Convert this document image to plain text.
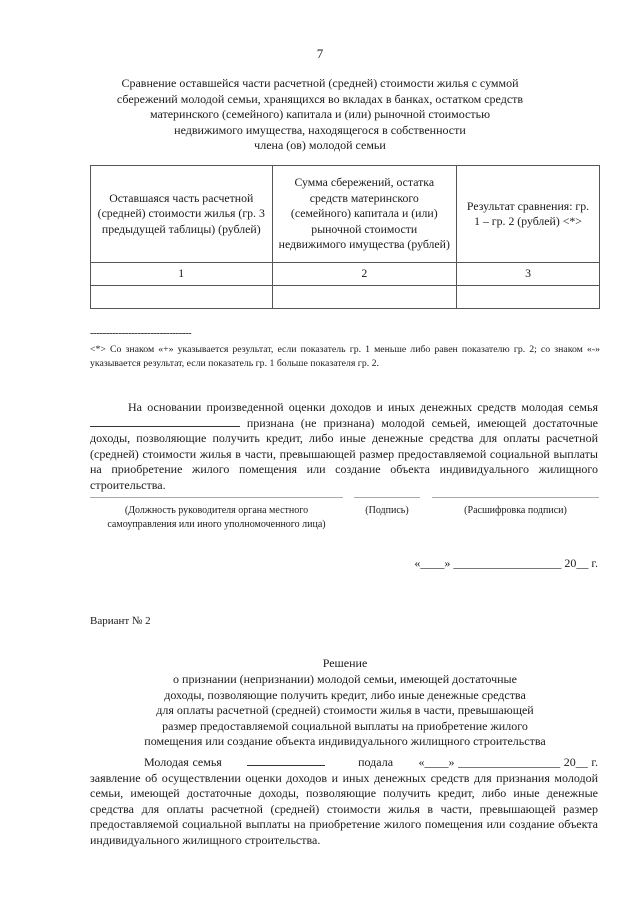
7
Сравнение оставшейся части расчетной (средней) стоимости жилья с суммой
сбережений молодой семьи, хранящихся во вкладах в банках, остатком средств
материнского (семейного) капитала и (или) рыночной стоимостью
недвижимого имущества, находящегося в собственности
члена (ов) молодой семьи
Оставшаяся часть расчетной (средней) стоимости жилья (гр. 3 предыдущей таблицы) (рублей)	Сумма сбережений, остатка средств материнского (семейного) капитала и (или) рыночной стоимости недвижимого имущества (рублей)	Результат сравнения: гр. 1 – гр. 2 (рублей) <*>
1	2	3

--------------------------------
<*> Со знаком «+» указывается результат, если показатель гр. 1 меньше либо равен показателю гр. 2; со знаком «-» указывается результат, если показатель гр. 1 больше показателя гр. 2.

На основании произведенной оценки доходов и иных денежных средств молодая семья  признана (не признана) молодой семьей, имеющей достаточные доходы, позволяющие получить кредит, либо иные денежные средства для оплаты расчетной (средней) стоимости жилья в части, превышающей размер предоставляемой социальной выплаты на приобретение жилого помещения или создание объекта индивидуального жилищного строительства.

(Должность руководителя органа местного самоуправления или иного уполномоченного лица)
(Подпись)	(Расшифровка подписи)
«____» __________________ 20__ г.
Вариант № 2
Решение
о признании (непризнании) молодой семьи, имеющей достаточные
доходы, позволяющие получить кредит, либо иные денежные средства
для оплаты расчетной (средней) стоимости жилья в части, превышающей
размер предоставляемой социальной выплаты на приобретение жилого
помещения или создание объекта индивидуального жилищного строительства

Молодая семья	подала «____» _________________ 20__ г. заявление об осуществлении оценки доходов и иных денежных средств для признания молодой семьи, имеющей достаточные доходы, позволяющие получить кредит, либо иные денежные средства для оплаты расчетной (средней) стоимости жилья в части, превышающей размер предоставляемой социальной выплаты на приобретение жилого помещения или создание объекта индивидуального жилищного строительства.
